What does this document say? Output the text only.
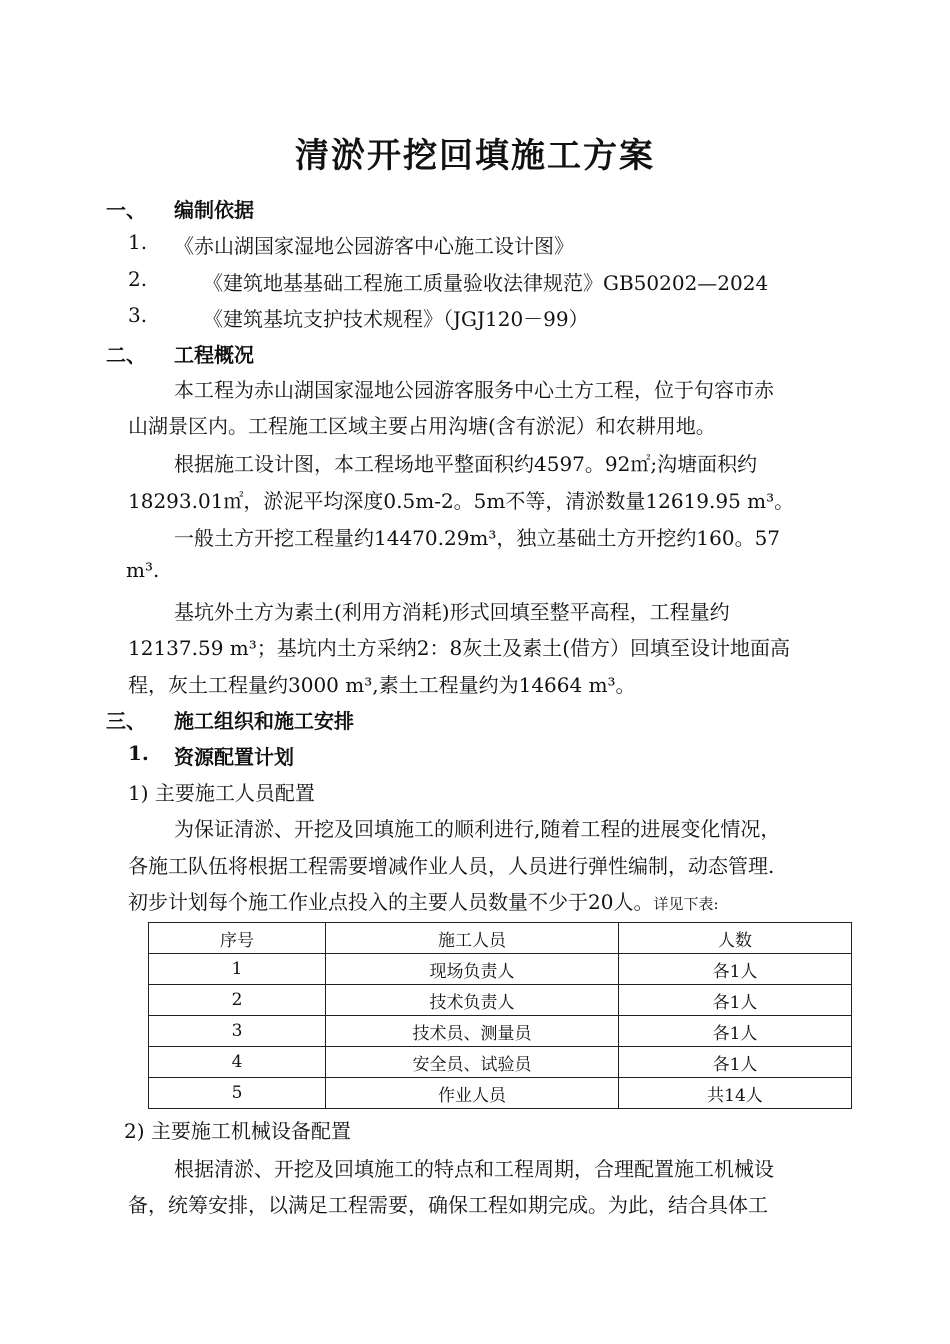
清淤开挖回填施工方案
一、 编制依据
1. 《赤山湖国家湿地公园游客中心施工设计图》
2.	《建筑地基基础工程施工质量验收法律规范》GB50202—2024
3.	《建筑基坑支护技术规程》（JGJ120－99）
二、 工程概况
本工程为赤山湖国家湿地公园游客服务中心土方工程，位于句容市赤
山湖景区内。工程施工区域主要占用沟塘(含有淤泥）和农耕用地。
根据施工设计图，本工程场地平整面积约4597。92㎡;沟塘面积约
18293.01㎡，淤泥平均深度0.5m-2。5m不等，清淤数量12619.95 m³。
一般土方开挖工程量约14470.29m³，独立基础土方开挖约160。57
m³.
基坑外土方为素土(利用方消耗)形式回填至整平高程，工程量约
12137.59 m³；基坑内土方采纳2：8灰土及素土(借方）回填至设计地面高
程，灰土工程量约3000 m³,素土工程量约为14664 m³。
三、 施工组织和施工安排
1. 资源配置计划
1) 主要施工人员配置
为保证清淤、开挖及回填施工的顺利进行,随着工程的进展变化情况，
各施工队伍将根据工程需要增减作业人员，人员进行弹性编制，动态管理.
初步计划每个施工作业点投入的主要人员数量不少于20人。详见下表:
序号	施工人员	人数
1	现场负责人	各1人
2	技术负责人	各1人
3	技术员、测量员	各1人
4	安全员、试验员	各1人
5	作业人员	共14人
2) 主要施工机械设备配置
根据清淤、开挖及回填施工的特点和工程周期，合理配置施工机械设
备，统筹安排，以满足工程需要，确保工程如期完成。为此，结合具体工
